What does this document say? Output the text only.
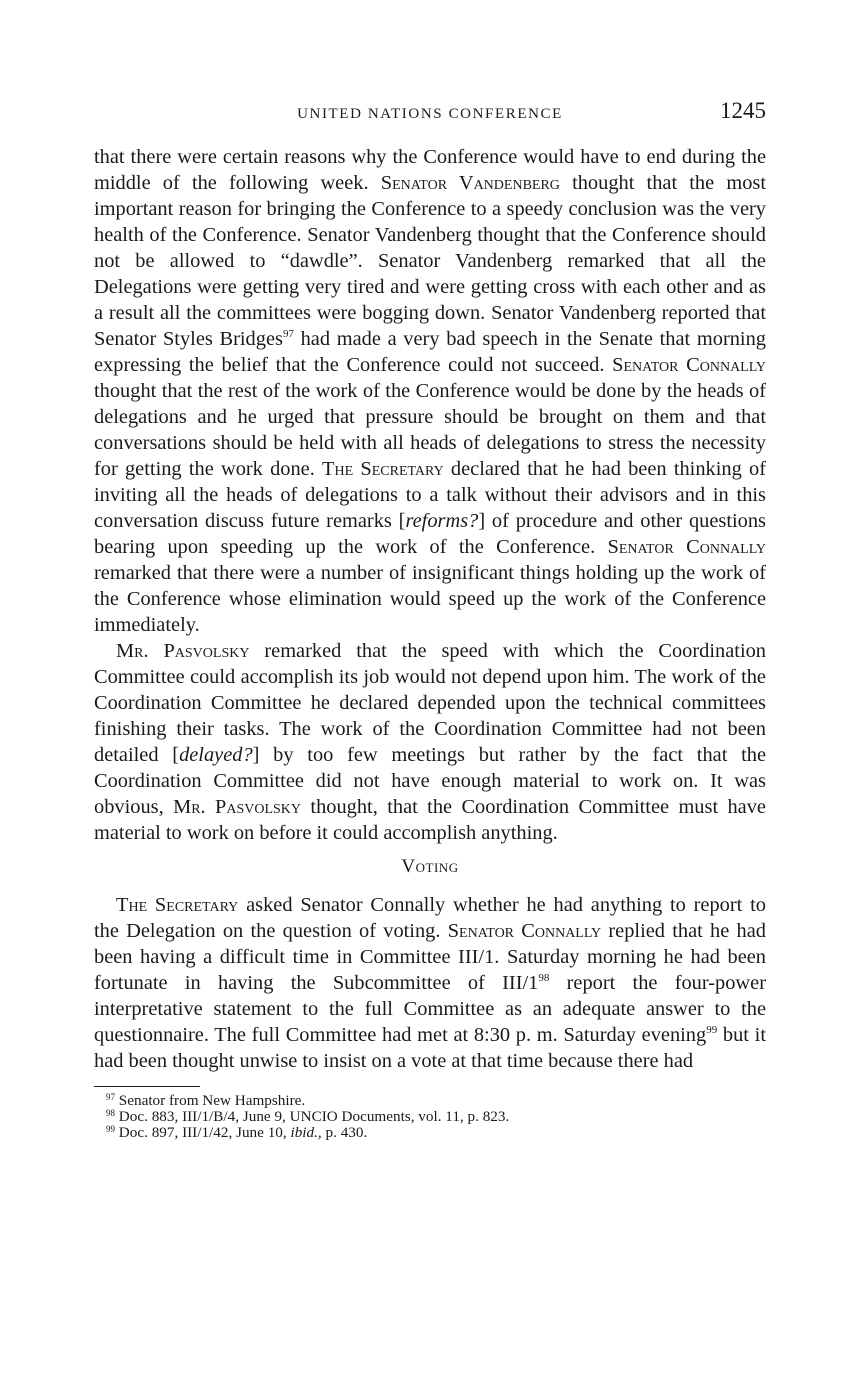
UNITED NATIONS CONFERENCE	1245

that there were certain reasons why the Conference would have to end during the middle of the following week. Senator Vandenberg thought that the most important reason for bringing the Conference to a speedy conclusion was the very health of the Conference. Senator Vandenberg thought that the Conference should not be allowed to “dawdle”. Senator Vandenberg remarked that all the Delegations were getting very tired and were getting cross with each other and as a result all the committees were bogging down. Senator Vandenberg reported that Senator Styles Bridges$^{97}$ had made a very bad speech in the Senate that morning expressing the belief that the Conference could not succeed. Senator Connally thought that the rest of the work of the Conference would be done by the heads of delegations and he urged that pressure should be brought on them and that conversations should be held with all heads of delegations to stress the necessity for getting the work done. The Secretary declared that he had been thinking of inviting all the heads of delegations to a talk without their advisors and in this conversation discuss future remarks [reforms?] of procedure and other questions bearing upon speeding up the work of the Conference. Senator Connally remarked that there were a number of insignificant things holding up the work of the Conference whose elimination would speed up the work of the Conference immediately.

Mr. Pasvolsky remarked that the speed with which the Coordination Committee could accomplish its job would not depend upon him. The work of the Coordination Committee he declared depended upon the technical committees finishing their tasks. The work of the Coordination Committee had not been detailed [delayed?] by too few meetings but rather by the fact that the Coordination Committee did not have enough material to work on. It was obvious, Mr. Pasvolsky thought, that the Coordination Committee must have material to work on before it could accomplish anything.

Voting

The Secretary asked Senator Connally whether he had anything to report to the Delegation on the question of voting. Senator Connally replied that he had been having a difficult time in Committee III/1. Saturday morning he had been fortunate in having the Subcommittee of III/$1^{98}$ report the four-power interpretative statement to the full Committee as an adequate answer to the questionnaire. The full Committee had met at 8:30 p. m. Saturday evening$^{99}$ but it had been thought unwise to insist on a vote at that time because there had

$^{97}$ Senator from New Hampshire.
$^{98}$ Doc. 883, III/1/B/4, June 9, UNCIO Documents, vol. 11, p. 823.
$^{99}$ Doc. 897, III/1/42, June 10, ibid., p. 430.
